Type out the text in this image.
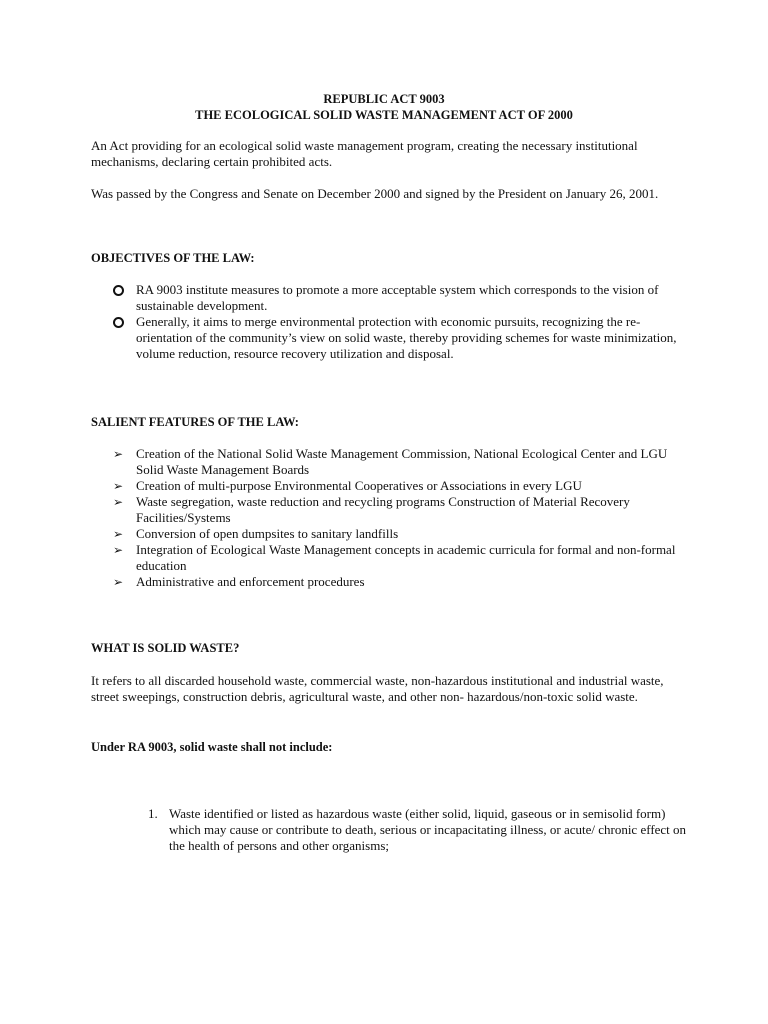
REPUBLIC ACT 9003
THE ECOLOGICAL SOLID WASTE MANAGEMENT ACT OF 2000
An Act providing for an ecological solid waste management program, creating the necessary institutional mechanisms, declaring certain prohibited acts.
Was passed by the Congress and Senate on December 2000 and signed by the President on January 26, 2001.
OBJECTIVES OF THE LAW:
RA 9003 institute measures to promote a more acceptable system which corresponds to the vision of sustainable development.
Generally, it aims to merge environmental protection with economic pursuits, recognizing the re-orientation of the community’s view on solid waste, thereby providing schemes for waste minimization, volume reduction, resource recovery utilization and disposal.
SALIENT FEATURES OF THE LAW:
➢ Creation of the National Solid Waste Management Commission, National Ecological Center and LGU Solid Waste Management Boards
➢ Creation of multi-purpose Environmental Cooperatives or Associations in every LGU
➢ Waste segregation, waste reduction and recycling programs Construction of Material Recovery Facilities/Systems
➢ Conversion of open dumpsites to sanitary landfills
➢ Integration of Ecological Waste Management concepts in academic curricula for formal and non-formal education
➢ Administrative and enforcement procedures
WHAT IS SOLID WASTE?
It refers to all discarded household waste, commercial waste, non-hazardous institutional and industrial waste, street sweepings, construction debris, agricultural waste, and other non- hazardous/non-toxic solid waste.
Under RA 9003, solid waste shall not include:
1. Waste identified or listed as hazardous waste (either solid, liquid, gaseous or in semisolid form) which may cause or contribute to death, serious or incapacitating illness, or acute/ chronic effect on the health of persons and other organisms;
